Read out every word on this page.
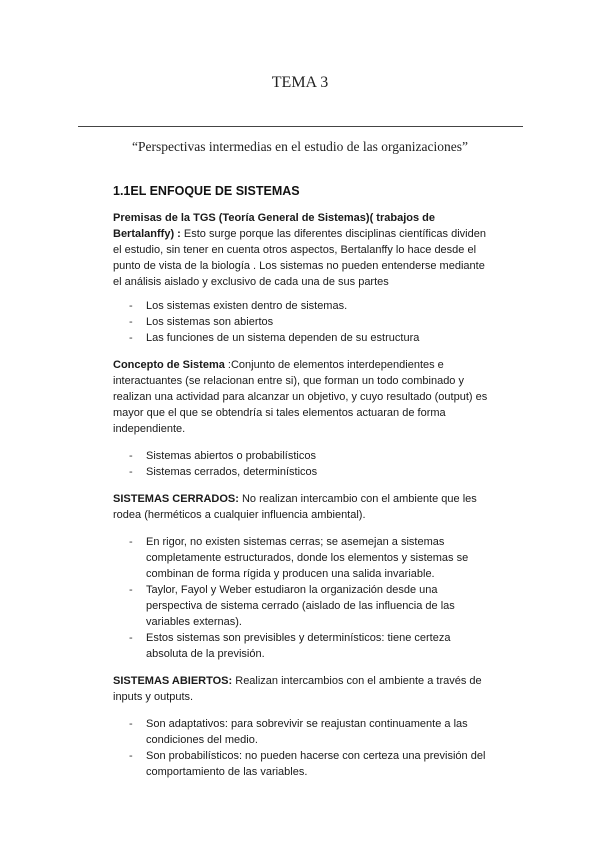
TEMA 3
“Perspectivas intermedias en el estudio de las organizaciones”
1.1EL ENFOQUE DE SISTEMAS

Premisas de la TGS (Teoría General de Sistemas)( trabajos de Bertalanffy) : Esto surge porque las diferentes disciplinas científicas dividen el estudio, sin tener en cuenta otros aspectos, Bertalanffy lo hace desde el punto de vista de la biología . Los sistemas no pueden entenderse mediante el análisis aislado y exclusivo de cada una de sus partes

- Los sistemas existen dentro de sistemas.
- Los sistemas son abiertos
- Las funciones de un sistema dependen de su estructura

Concepto de Sistema :Conjunto de elementos interdependientes e interactuantes (se relacionan entre si), que forman un todo combinado y realizan una actividad para alcanzar un objetivo, y cuyo resultado (output) es mayor que el que se obtendría si tales elementos actuaran de forma independiente.

- Sistemas abiertos o probabilísticos
- Sistemas cerrados, determinísticos

SISTEMAS CERRADOS: No realizan intercambio con el ambiente que les rodea (herméticos a cualquier influencia ambiental).

- En rigor, no existen sistemas cerras; se asemejan a sistemas completamente estructurados, donde los elementos y sistemas se combinan de forma rígida y producen una salida invariable.
- Taylor, Fayol y Weber estudiaron la organización desde una perspectiva de sistema cerrado (aislado de las influencia de las variables externas).
- Estos sistemas son previsibles y determinísticos: tiene certeza absoluta de la previsión.

SISTEMAS ABIERTOS: Realizan intercambios con el ambiente a través de inputs y outputs.

- Son adaptativos: para sobrevivir se reajustan continuamente a las condiciones del medio.
- Son probabilísticos: no pueden hacerse con certeza una previsión del comportamiento de las variables.
